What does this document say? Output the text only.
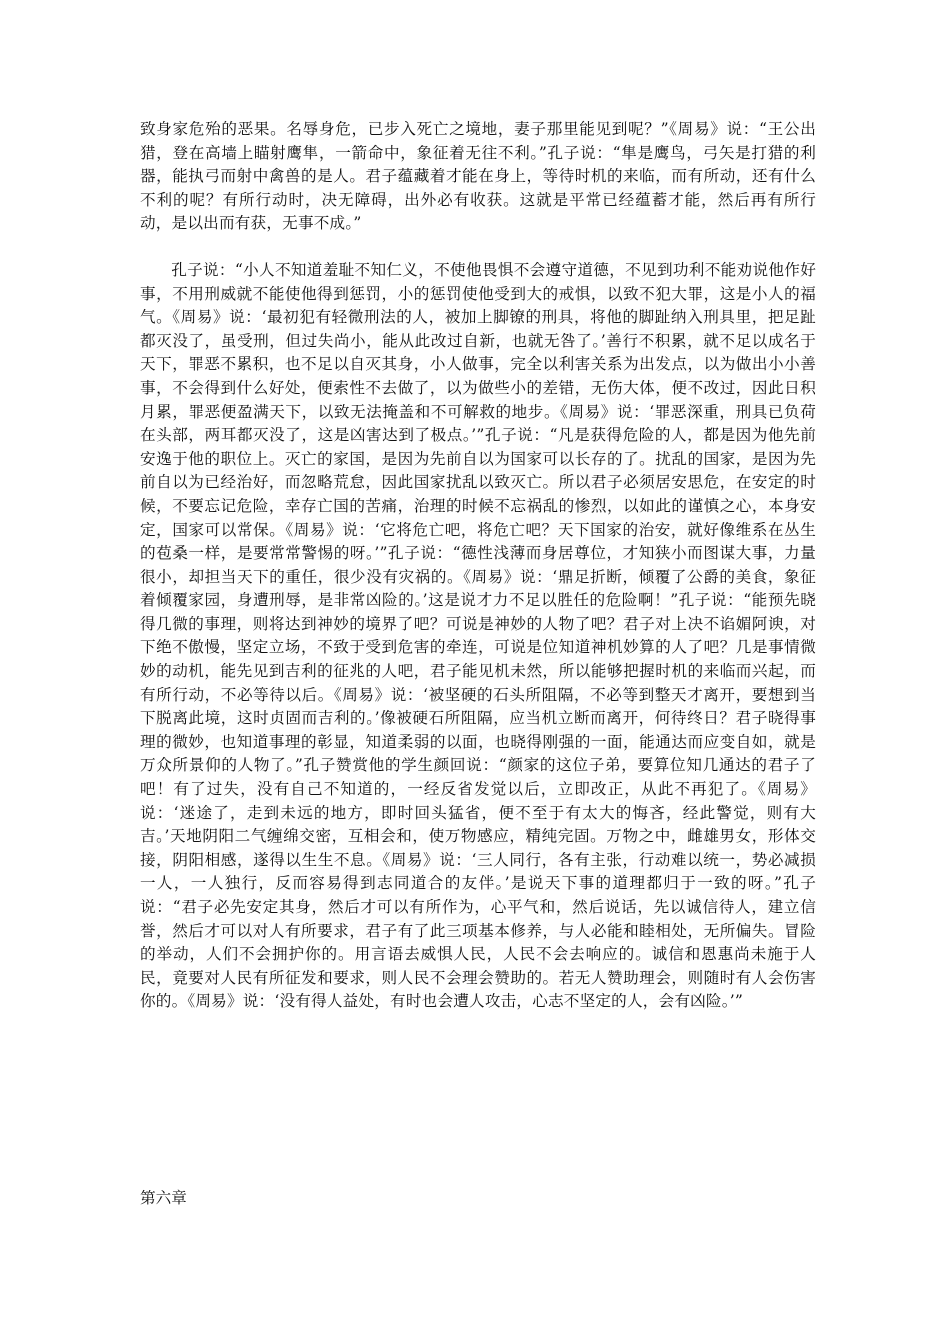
致身家危殆的恶果。名辱身危，已步入死亡之境地，妻子那里能见到呢？”《周易》说：“王公出猎，登在高墙上瞄射鹰隼，一箭命中，象征着无往不利。”孔子说：“隼是鹰鸟，弓矢是打猎的利器，能执弓而射中禽兽的是人。君子蕴藏着才能在身上，等待时机的来临，而有所动，还有什么不利的呢？有所行动时，决无障碍，出外必有收获。这就是平常已经蕴蓄才能，然后再有所行动，是以出而有获，无事不成。”

孔子说：“小人不知道羞耻不知仁义，不使他畏惧不会遵守道德，不见到功利不能劝说他作好事，不用刑威就不能使他得到惩罚，小的惩罚使他受到大的戒惧，以致不犯大罪，这是小人的福气。《周易》说：‘最初犯有轻微刑法的人，被加上脚镣的刑具，将他的脚趾纳入刑具里，把足趾都灭没了，虽受刑，但过失尚小，能从此改过自新，也就无咎了。’善行不积累，就不足以成名于天下，罪恶不累积，也不足以自灭其身，小人做事，完全以利害关系为出发点，以为做出小小善事，不会得到什么好处，便索性不去做了，以为做些小的差错，无伤大体，便不改过，因此日积月累，罪恶便盈满天下，以致无法掩盖和不可解救的地步。《周易》说：‘罪恶深重，刑具已负荷在头部，两耳都灭没了，这是凶害达到了极点。’”孔子说：“凡是获得危险的人，都是因为他先前安逸于他的职位上。灭亡的家国，是因为先前自以为国家可以长存的了。扰乱的国家，是因为先前自以为已经治好，而忽略荒怠，因此国家扰乱以致灭亡。所以君子必须居安思危，在安定的时候，不要忘记危险，幸存亡国的苦痛，治理的时候不忘祸乱的惨烈，以如此的谨慎之心，本身安定，国家可以常保。《周易》说：‘它将危亡吧，将危亡吧？天下国家的治安，就好像维系在丛生的苞桑一样，是要常常警惕的呀。’”孔子说：“德性浅薄而身居尊位，才知狭小而图谋大事，力量很小，却担当天下的重任，很少没有灾祸的。《周易》说：‘鼎足折断，倾覆了公爵的美食，象征着倾覆家园，身遭刑辱，是非常凶险的。’这是说才力不足以胜任的危险啊！”孔子说：“能预先晓得几微的事理，则将达到神妙的境界了吧？可说是神妙的人物了吧？君子对上决不谄媚阿谀，对下绝不傲慢，坚定立场，不致于受到危害的牵连，可说是位知道神机妙算的人了吧？几是事情微妙的动机，能先见到吉利的征兆的人吧，君子能见机未然，所以能够把握时机的来临而兴起，而有所行动，不必等待以后。《周易》说：‘被坚硬的石头所阻隔，不必等到整天才离开，要想到当下脱离此境，这时贞固而吉利的。’像被硬石所阻隔，应当机立断而离开，何待终日？君子晓得事理的微妙，也知道事理的彰显，知道柔弱的以面，也晓得刚强的一面，能通达而应变自如，就是万众所景仰的人物了。”孔子赞赏他的学生颜回说：“颜家的这位子弟，要算位知几通达的君子了吧！有了过失，没有自己不知道的，一经反省发觉以后，立即改正，从此不再犯了。《周易》说：‘迷途了，走到未远的地方，即时回头猛省，便不至于有太大的悔吝，经此警觉，则有大吉。’天地阴阳二气缠绵交密，互相会和，使万物感应，精纯完固。万物之中，雌雄男女，形体交接，阴阳相感，遂得以生生不息。《周易》说：‘三人同行，各有主张，行动难以统一，势必减损一人，一人独行，反而容易得到志同道合的友伴。’是说天下事的道理都归于一致的呀。”孔子说：“君子必先安定其身，然后才可以有所作为，心平气和，然后说话，先以诚信待人，建立信誉，然后才可以对人有所要求，君子有了此三项基本修养，与人必能和睦相处，无所偏失。冒险的举动，人们不会拥护你的。用言语去威惧人民，人民不会去响应的。诚信和恩惠尚未施于人民，竟要对人民有所征发和要求，则人民不会理会赞助的。若无人赞助理会，则随时有人会伤害你的。《周易》说：‘没有得人益处，有时也会遭人攻击，心志不坚定的人，会有凶险。’”

第六章
